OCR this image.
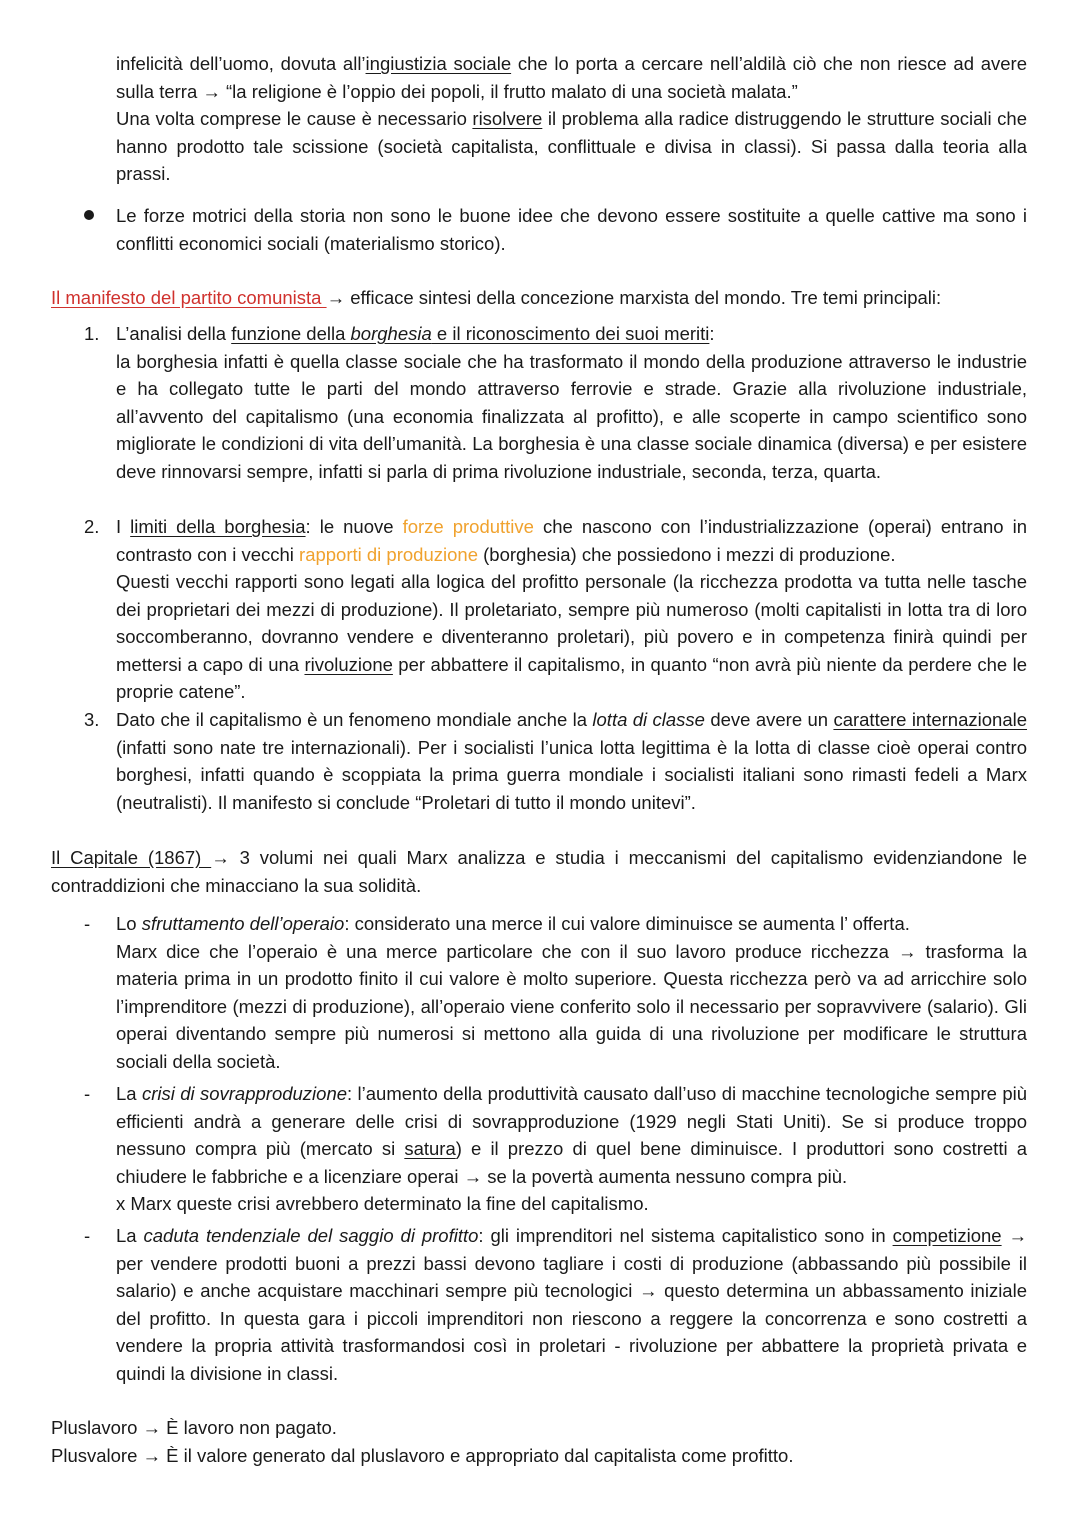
infelicità dell’uomo, dovuta all’ingiustizia sociale che lo porta a cercare nell’aldilà ciò che non riesce ad avere sulla terra → “la religione è l’oppio dei popoli, il frutto malato di una società malata.”

Una volta comprese le cause è necessario risolvere il problema alla radice distruggendo le strutture sociali che hanno prodotto tale scissione (società capitalista, conflittuale e divisa in classi). Si passa dalla teoria alla prassi.

Le forze motrici della storia non sono le buone idee che devono essere sostituite a quelle cattive ma sono i conflitti economici sociali (materialismo storico).

Il manifesto del partito comunista → efficace sintesi della concezione marxista del mondo. Tre temi principali:

1. L’analisi della funzione della borghesia e il riconoscimento dei suoi meriti:

la borghesia infatti è quella classe sociale che ha trasformato il mondo della produzione attraverso le industrie e ha collegato tutte le parti del mondo attraverso ferrovie e strade. Grazie alla rivoluzione industriale, all’avvento del capitalismo (una economia finalizzata al profitto), e alle scoperte in campo scientifico sono migliorate le condizioni di vita dell’umanità. La borghesia è una classe sociale dinamica (diversa) e per esistere deve rinnovarsi sempre, infatti si parla di prima rivoluzione industriale, seconda, terza, quarta.

2. I limiti della borghesia: le nuove forze produttive che nascono con l’industrializzazione (operai) entrano in contrasto con i vecchi rapporti di produzione (borghesia) che possiedono i mezzi di produzione.

Questi vecchi rapporti sono legati alla logica del profitto personale (la ricchezza prodotta va tutta nelle tasche dei proprietari dei mezzi di produzione). Il proletariato, sempre più numeroso (molti capitalisti in lotta tra di loro soccomberanno, dovranno vendere e diventeranno proletari), più povero e in competenza finirà quindi per mettersi a capo di una rivoluzione per abbattere il capitalismo, in quanto “non avrà più niente da perdere che le proprie catene”.

3. Dato che il capitalismo è un fenomeno mondiale anche la lotta di classe deve avere un carattere internazionale (infatti sono nate tre internazionali). Per i socialisti l’unica lotta legittima è la lotta di classe cioè operai contro borghesi, infatti quando è scoppiata la prima guerra mondiale i socialisti italiani sono rimasti fedeli a Marx (neutralisti). Il manifesto si conclude “Proletari di tutto il mondo unitevi”.

Il Capitale (1867) → 3 volumi nei quali Marx analizza e studia i meccanismi del capitalismo evidenziandone le contraddizioni che minacciano la sua solidità.

-	Lo sfruttamento dell’operaio: considerato una merce il cui valore diminuisce se aumenta l’ offerta.

Marx dice che l’operaio è una merce particolare che con il suo lavoro produce ricchezza → trasforma la materia prima in un prodotto finito il cui valore è molto superiore. Questa ricchezza però va ad arricchire solo l’imprenditore (mezzi di produzione), all’operaio viene conferito solo il necessario per sopravvivere (salario). Gli operai diventando sempre più numerosi si mettono alla guida di una rivoluzione per modificare le struttura sociali della società.

-	La crisi di sovrapproduzione: l’aumento della produttività causato dall’uso di macchine tecnologiche sempre più efficienti andrà a generare delle crisi di sovrapproduzione (1929 negli Stati Uniti). Se si produce troppo nessuno compra più (mercato si satura) e il prezzo di quel bene diminuisce. I produttori sono costretti a chiudere le fabbriche e a licenziare operai → se la povertà aumenta nessuno compra più.

x Marx queste crisi avrebbero determinato la fine del capitalismo.

-	La caduta tendenziale del saggio di profitto: gli imprenditori nel sistema capitalistico sono in competizione → per vendere prodotti buoni a prezzi bassi devono tagliare i costi di produzione (abbassando più possibile il salario) e anche acquistare macchinari sempre più tecnologici → questo determina un abbassamento iniziale del profitto. In questa gara i piccoli imprenditori non riescono a reggere la concorrenza e sono costretti a vendere la propria attività trasformandosi così in proletari - rivoluzione per abbattere la proprietà privata e quindi la divisione in classi.

Pluslavoro → È lavoro non pagato.

Plusvalore → È il valore generato dal pluslavoro e appropriato dal capitalista come profitto.
